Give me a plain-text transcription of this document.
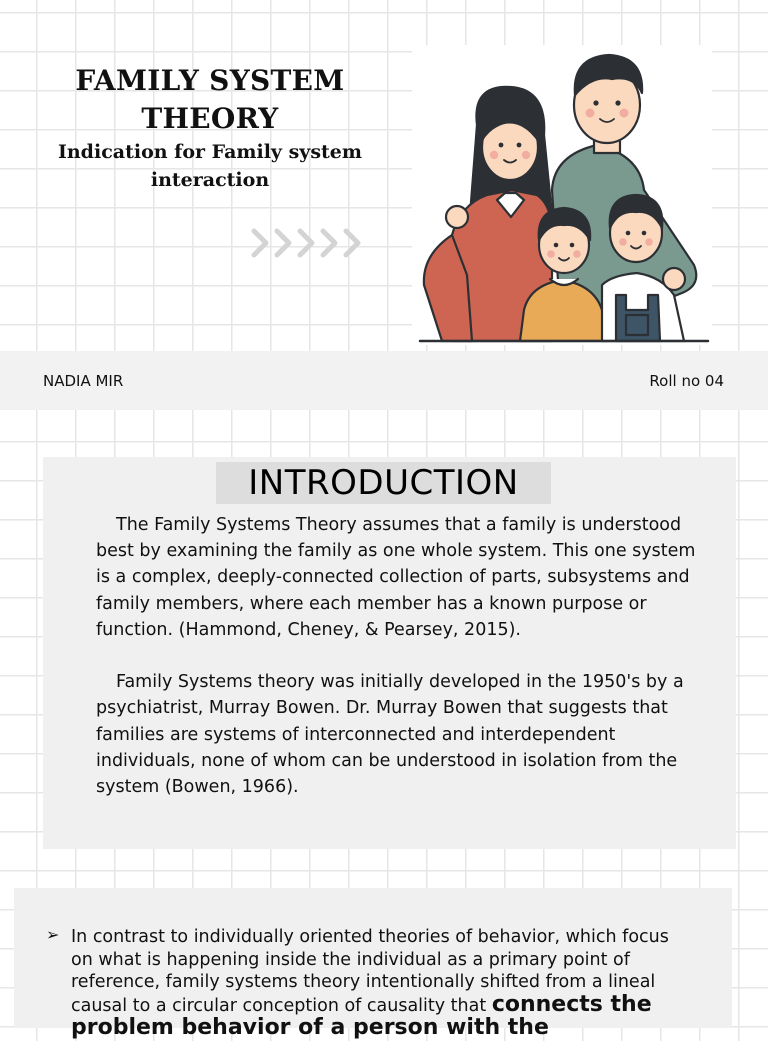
FAMILY SYSTEM THEORY
Indication for Family system interaction
NADIA MIR	Roll no 04
INTRODUCTION

The Family Systems Theory assumes that a family is understood best by examining the family as one whole system. This one system is a complex, deeply-connected collection of parts, subsystems and family members, where each member has a known purpose or function. (Hammond, Cheney, & Pearsey, 2015).

Family Systems theory was initially developed in the 1950's by a psychiatrist, Murray Bowen. Dr. Murray Bowen that suggests that families are systems of interconnected and interdependent individuals, none of whom can be understood in isolation from the system (Bowen, 1966).

➢ In contrast to individually oriented theories of behavior, which focus on what is happening inside the individual as a primary point of reference, family systems theory intentionally shifted from a lineal causal to a circular conception of causality that connects the problem behavior of a person with the
